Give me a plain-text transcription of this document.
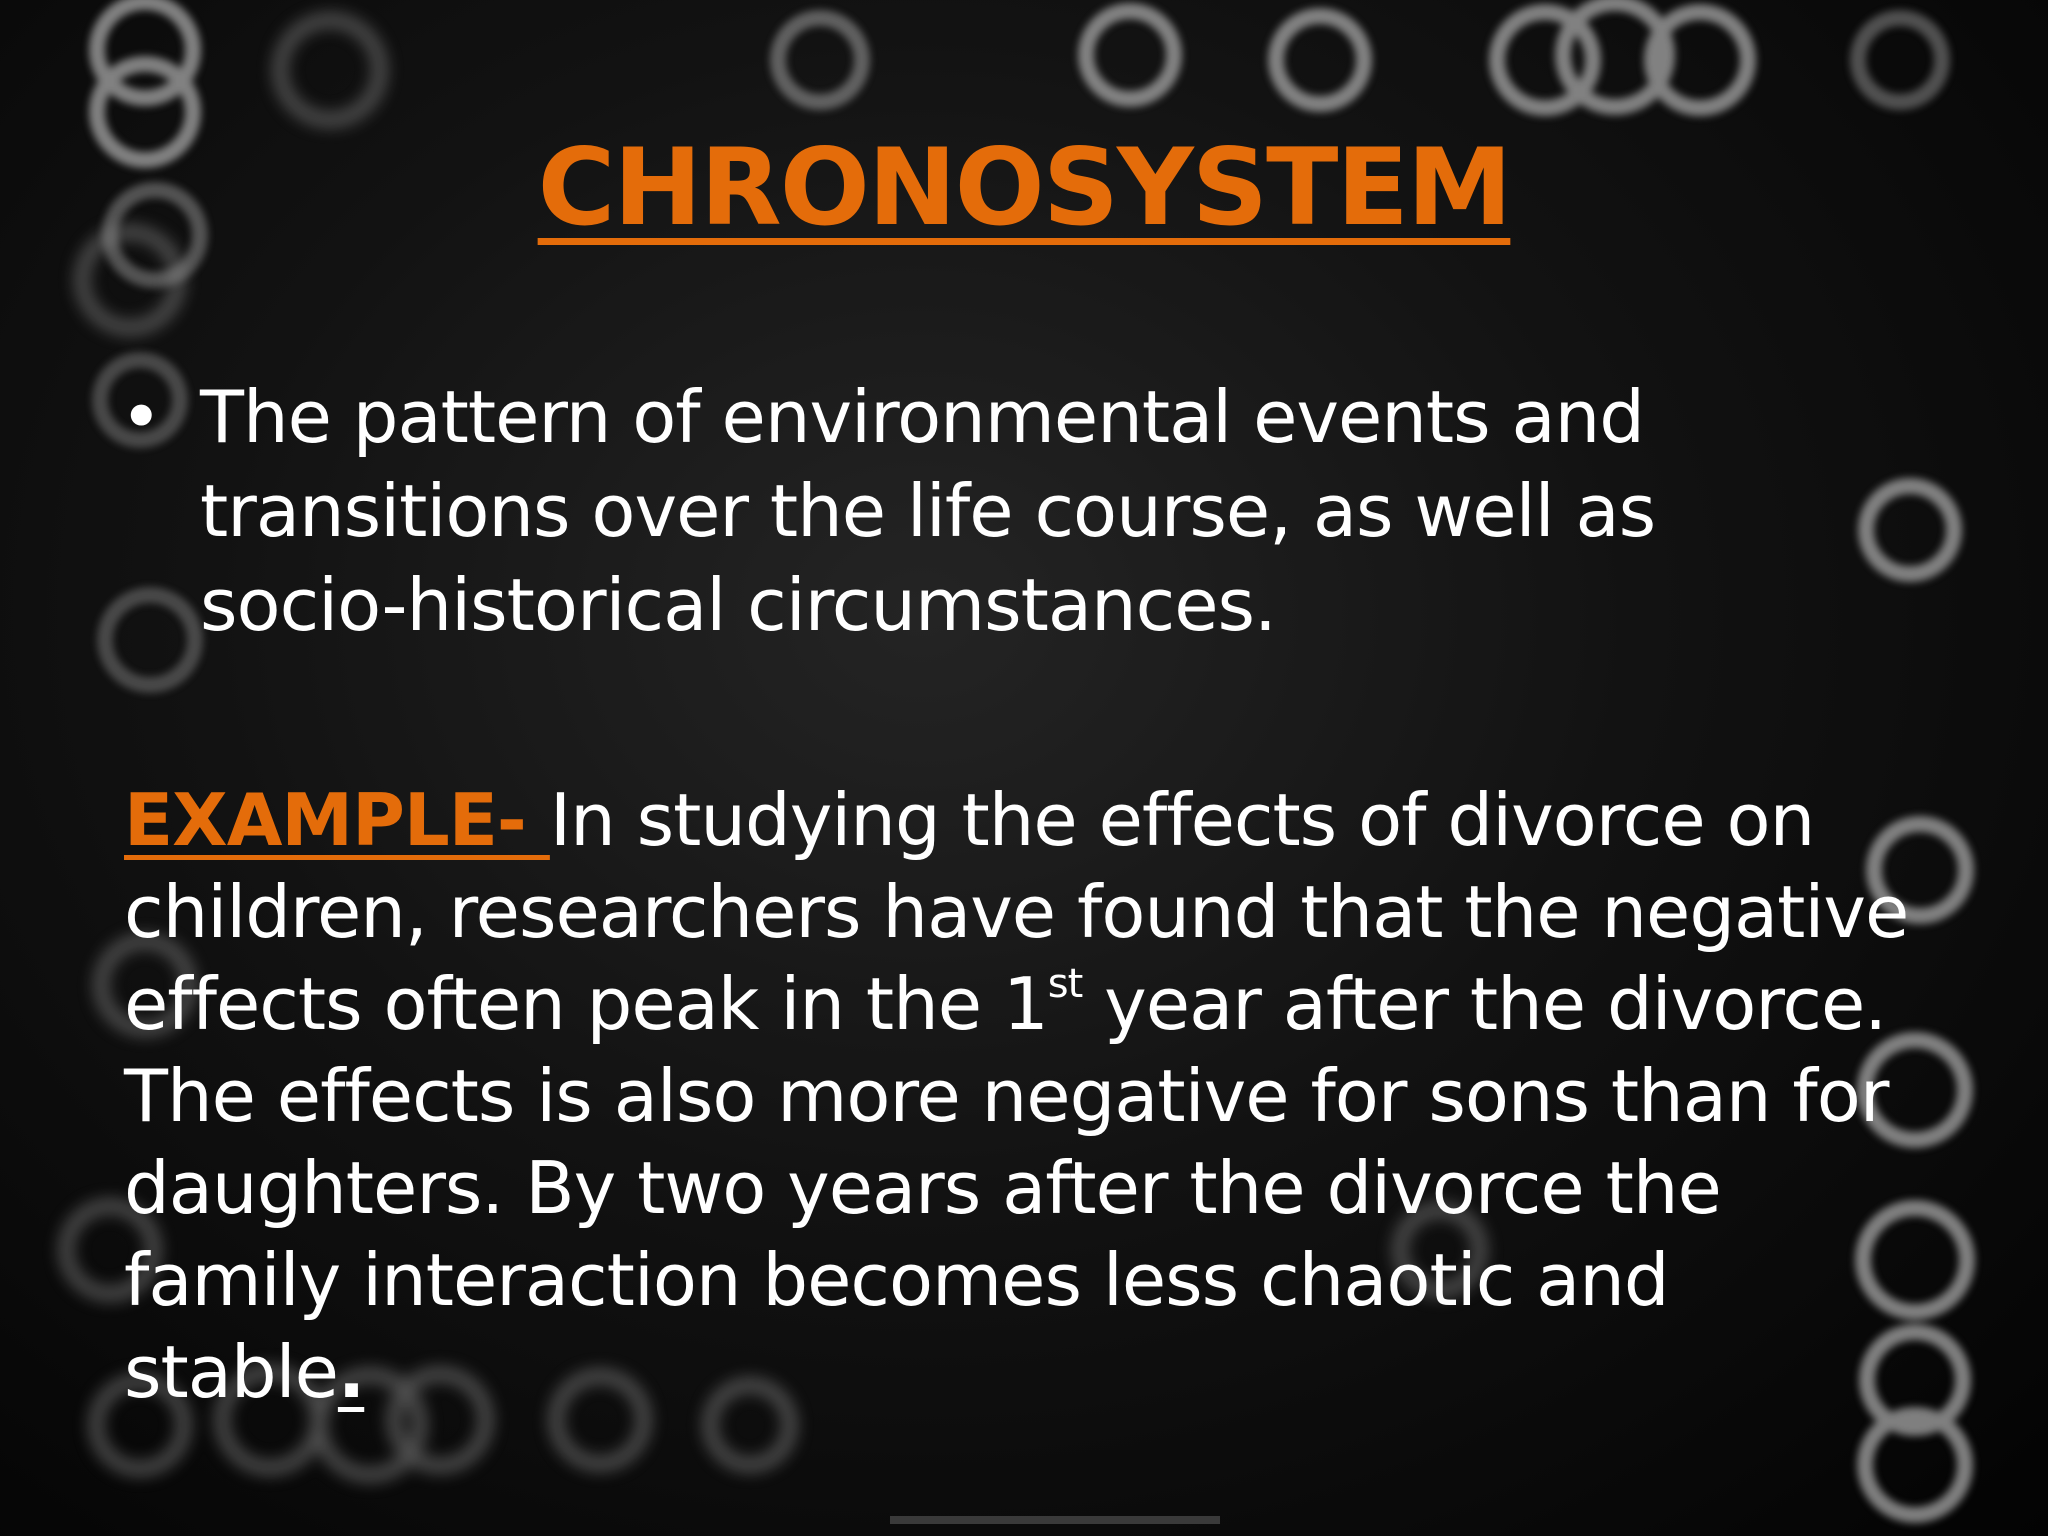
CHRONOSYSTEM
• The pattern of environmental events and transitions over the life course, as well as socio-historical circumstances.
EXAMPLE- In studying the effects of divorce on children, researchers have found that the negative effects often peak in the 1st year after the divorce. The effects is also more negative for sons than for daughters. By two years after the divorce the family interaction becomes less chaotic and stable.
